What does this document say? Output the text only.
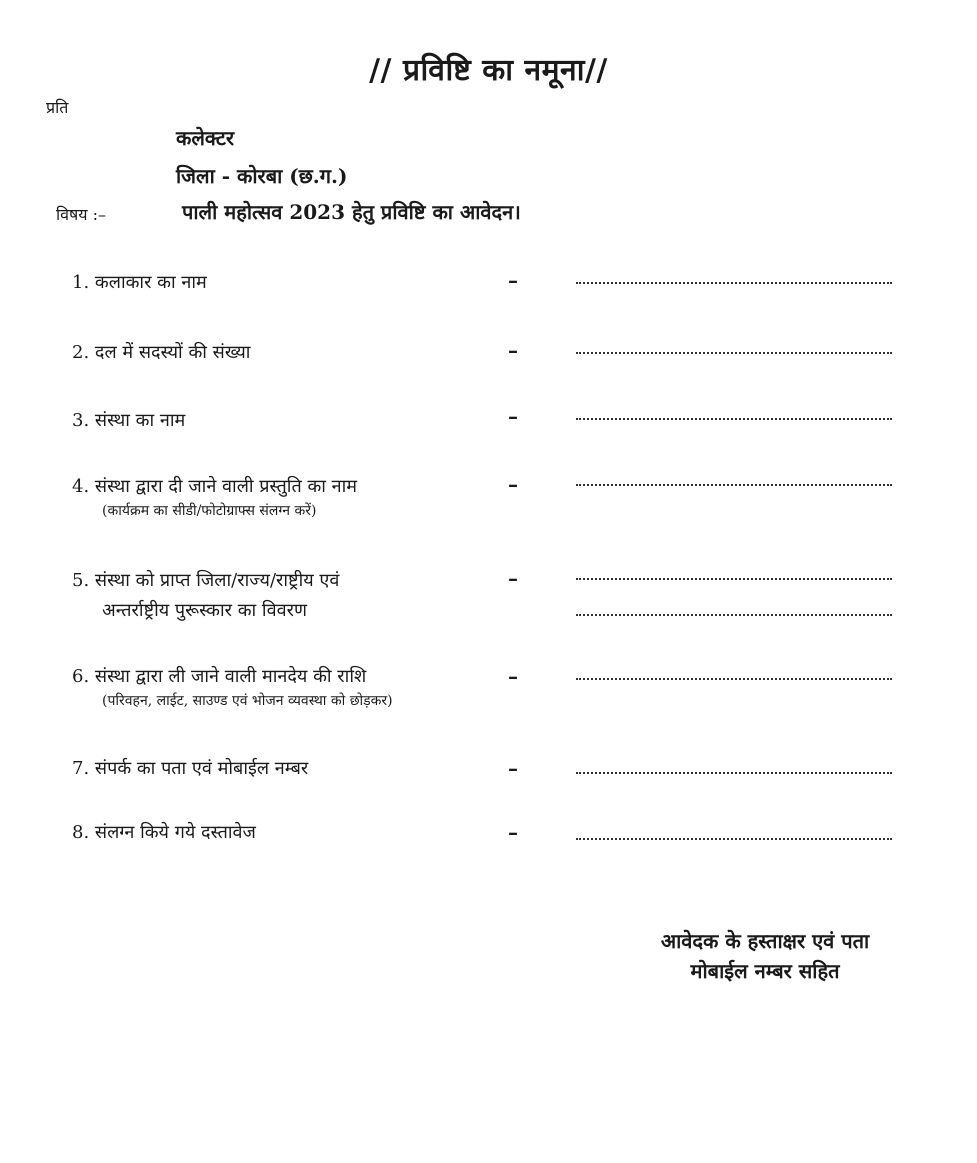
// प्रविष्टि का नमूना//
प्रति
कलेक्टर
जिला - कोरबा (छ.ग.)
विषय :–	पाली महोत्सव 2023 हेतु प्रविष्टि का आवेदन।
1. कलाकार का नाम	–
2. दल में सदस्यों की संख्या	–
3. संस्था का नाम	–
4. संस्था द्वारा दी जाने वाली प्रस्तुति का नाम
(कार्यक्रम का सीडी/फोटोग्राफ्स संलग्न करें)
–
5. संस्था को प्राप्त जिला/राज्य/राष्ट्रीय एवं
अन्तर्राष्ट्रीय पुरूस्कार का विवरण
–
6. संस्था द्वारा ली जाने वाली मानदेय की राशि
(परिवहन, लाईट, साउण्ड एवं भोजन व्यवस्था को छोड़कर)
–
7. संपर्क का पता एवं मोबाईल नम्बर	–
8. संलग्न किये गये दस्तावेज	–
आवेदक के हस्ताक्षर एवं पता
मोबाईल नम्बर सहित
